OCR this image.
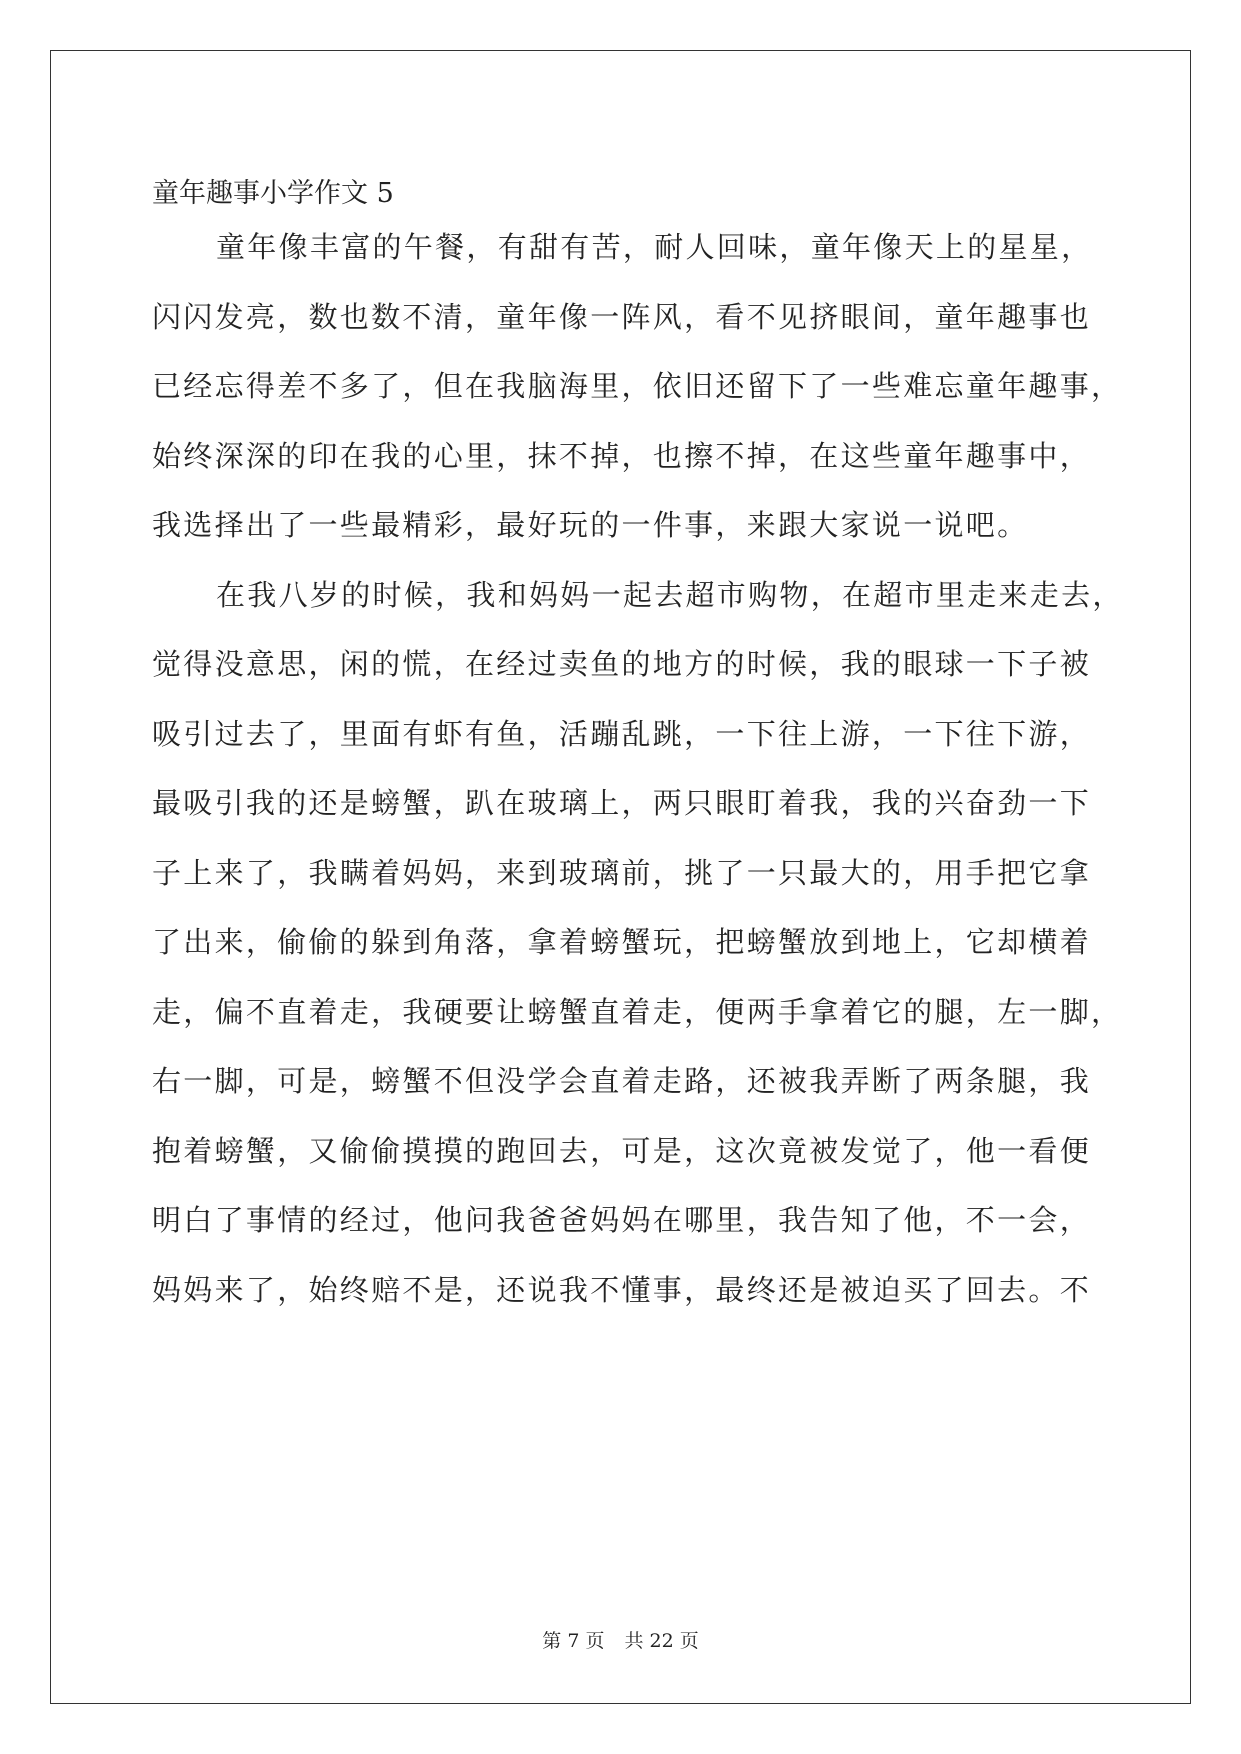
童年趣事小学作文 5
童年像丰富的午餐，有甜有苦，耐人回味，童年像天上的星星，
闪闪发亮，数也数不清，童年像一阵风，看不见挤眼间，童年趣事也
已经忘得差不多了，但在我脑海里，依旧还留下了一些难忘童年趣事，
始终深深的印在我的心里，抹不掉，也擦不掉，在这些童年趣事中，
我选择出了一些最精彩，最好玩的一件事，来跟大家说一说吧。
在我八岁的时候，我和妈妈一起去超市购物，在超市里走来走去，
觉得没意思，闲的慌，在经过卖鱼的地方的时候，我的眼球一下子被
吸引过去了，里面有虾有鱼，活蹦乱跳，一下往上游，一下往下游，
最吸引我的还是螃蟹，趴在玻璃上，两只眼盯着我，我的兴奋劲一下
子上来了，我瞒着妈妈，来到玻璃前，挑了一只最大的，用手把它拿
了出来，偷偷的躲到角落，拿着螃蟹玩，把螃蟹放到地上，它却横着
走，偏不直着走，我硬要让螃蟹直着走，便两手拿着它的腿，左一脚，
右一脚，可是，螃蟹不但没学会直着走路，还被我弄断了两条腿，我
抱着螃蟹，又偷偷摸摸的跑回去，可是，这次竟被发觉了，他一看便
明白了事情的经过，他问我爸爸妈妈在哪里，我告知了他，不一会，
妈妈来了，始终赔不是，还说我不懂事，最终还是被迫买了回去。不
第 7 页 共 22 页
